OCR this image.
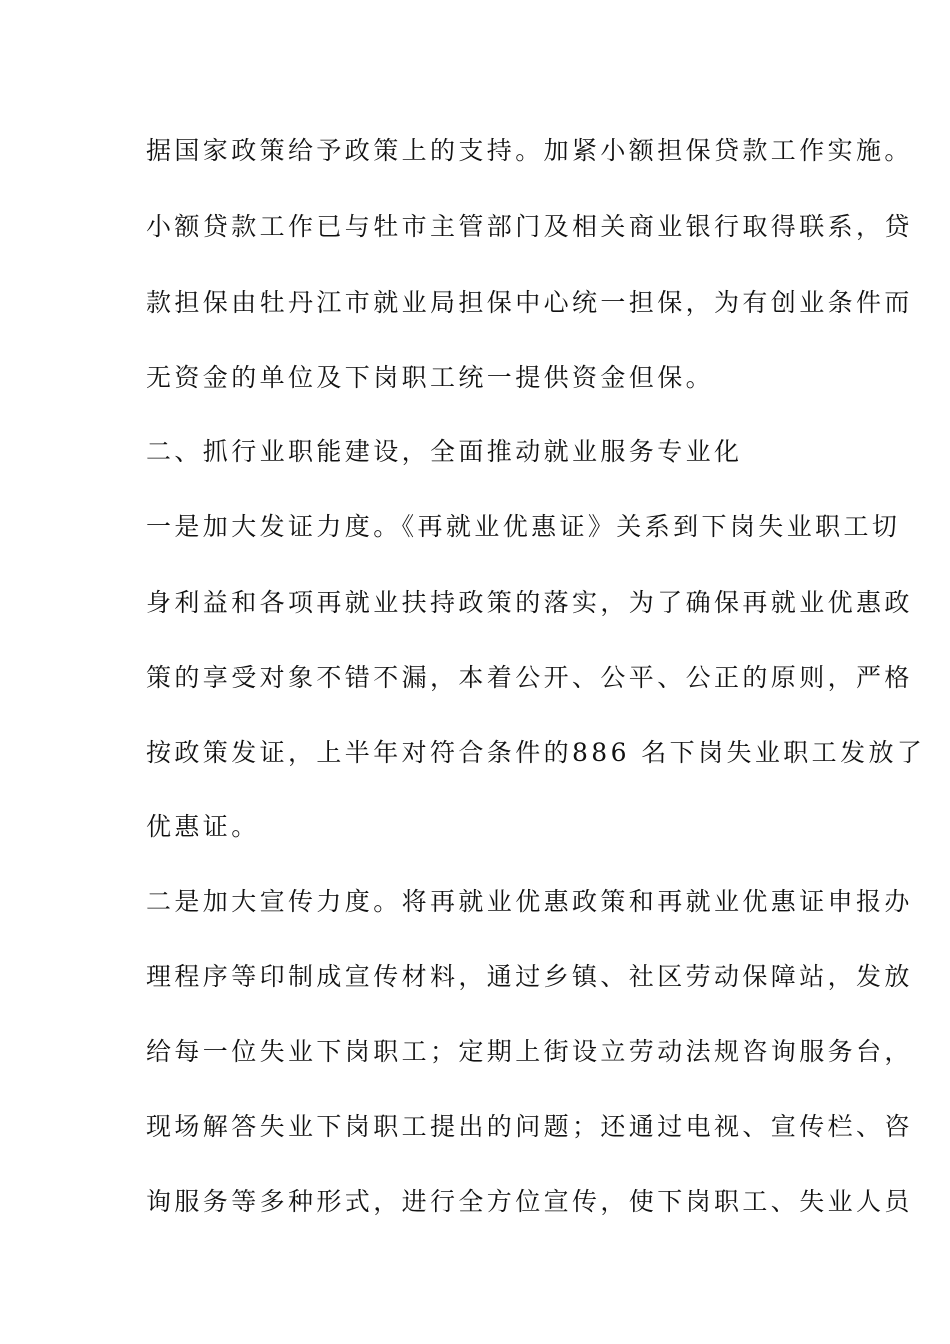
据国家政策给予政策上的支持。加紧小额担保贷款工作实施。
小额贷款工作已与牡市主管部门及相关商业银行取得联系，贷
款担保由牡丹江市就业局担保中心统一担保，为有创业条件而
无资金的单位及下岗职工统一提供资金但保。
二、抓行业职能建设，全面推动就业服务专业化
一是加大发证力度。《再就业优惠证》关系到下岗失业职工切
身利益和各项再就业扶持政策的落实，为了确保再就业优惠政
策的享受对象不错不漏，本着公开、公平、公正的原则，严格
按政策发证，上半年对符合条件的886 名下岗失业职工发放了
优惠证。
二是加大宣传力度。将再就业优惠政策和再就业优惠证申报办
理程序等印制成宣传材料，通过乡镇、社区劳动保障站，发放
给每一位失业下岗职工；定期上街设立劳动法规咨询服务台，
现场解答失业下岗职工提出的问题；还通过电视、宣传栏、咨
询服务等多种形式，进行全方位宣传，使下岗职工、失业人员
